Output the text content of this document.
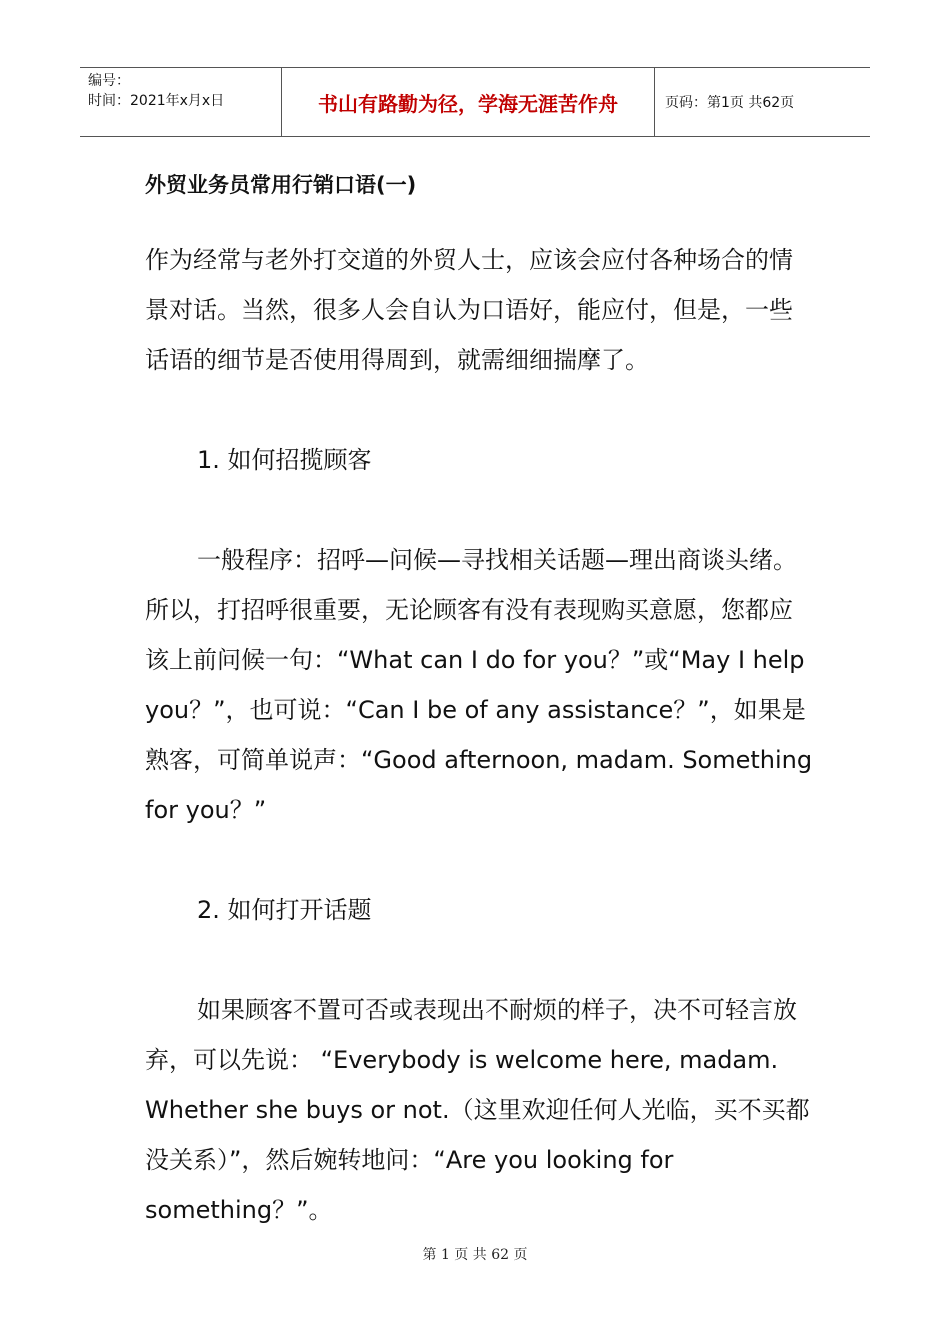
编号：
时间：2021年x月x日	书山有路勤为径，学海无涯苦作舟	页码：第1页 共62页

外贸业务员常用行销口语(一)

作为经常与老外打交道的外贸人士，应该会应付各种场合的情景对话。当然，很多人会自认为口语好，能应付，但是，一些话语的细节是否使用得周到，就需细细揣摩了。

1. 如何招揽顾客

一般程序：招呼—问候—寻找相关话题—理出商谈头绪。所以，打招呼很重要，无论顾客有没有表现购买意愿，您都应该上前问候一句：“What can I do for you？”或“May I help you？”，也可说：“Can I be of any assistance？”，如果是熟客，可简单说声：“Good afternoon, madam. Something for you？”

2. 如何打开话题

如果顾客不置可否或表现出不耐烦的样子，决不可轻言放弃，可以先说： “Everybody is welcome here, madam. Whether she buys or not.（这里欢迎任何人光临，买不买都没关系）”，然后婉转地问：“Are you looking for something？”。

第 1 页 共 62 页
